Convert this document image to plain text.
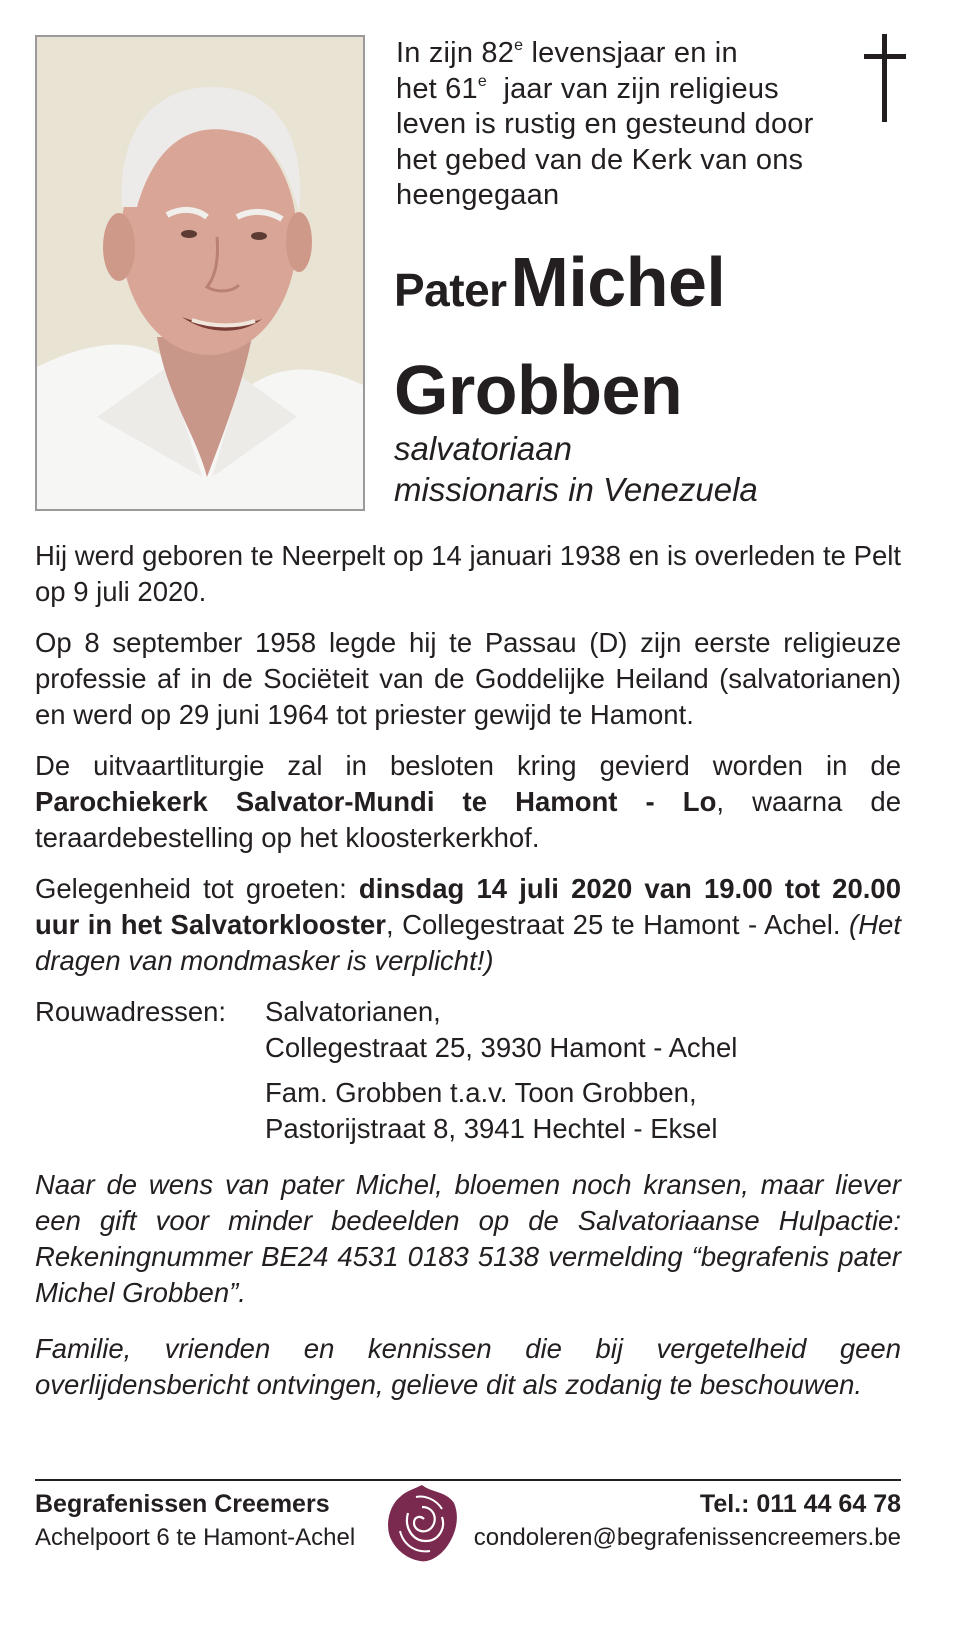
In zijn 82e levensjaar en in
het 61e  jaar van zijn religieus
leven is rustig en gesteund door
het gebed van de Kerk van ons
heengegaan
Pater Michel
Grobben
salvatoriaan
missionaris in Venezuela

Hij werd geboren te Neerpelt op 14 januari 1938 en is overleden te Pelt op 9 juli 2020.

Op 8 september 1958 legde hij te Passau (D) zijn eerste religieuze professie af in de Sociëteit van de Goddelijke Heiland (salvatorianen) en werd op 29 juni 1964 tot priester gewijd te Hamont.

De uitvaartliturgie zal in besloten kring gevierd worden in de Parochiekerk Salvator-Mundi te Hamont - Lo, waarna de teraardebestelling op het kloosterkerkhof.

Gelegenheid tot groeten: dinsdag 14 juli 2020 van 19.00 tot 20.00 uur in het Salvatorklooster, Collegestraat 25 te Hamont - Achel. (Het dragen van mondmasker is verplicht!)

Rouwadressen:	Salvatorianen,
Collegestraat 25, 3930 Hamont - Achel
Fam. Grobben t.a.v. Toon Grobben,
Pastorijstraat 8, 3941 Hechtel - Eksel

Naar de wens van pater Michel, bloemen noch kransen, maar liever een gift voor minder bedeelden op de Salvatoriaanse Hulpactie: Rekeningnummer BE24 4531 0183 5138 vermelding “begrafenis pater Michel Grobben”.

Familie, vrienden en kennissen die bij vergetelheid geen overlijdensbericht ontvingen, gelieve dit als zodanig te beschouwen.

Begrafenissen Creemers
Achelpoort 6 te Hamont-Achel
Tel.: 011 44 64 78
condoleren@begrafenissencreemers.be
